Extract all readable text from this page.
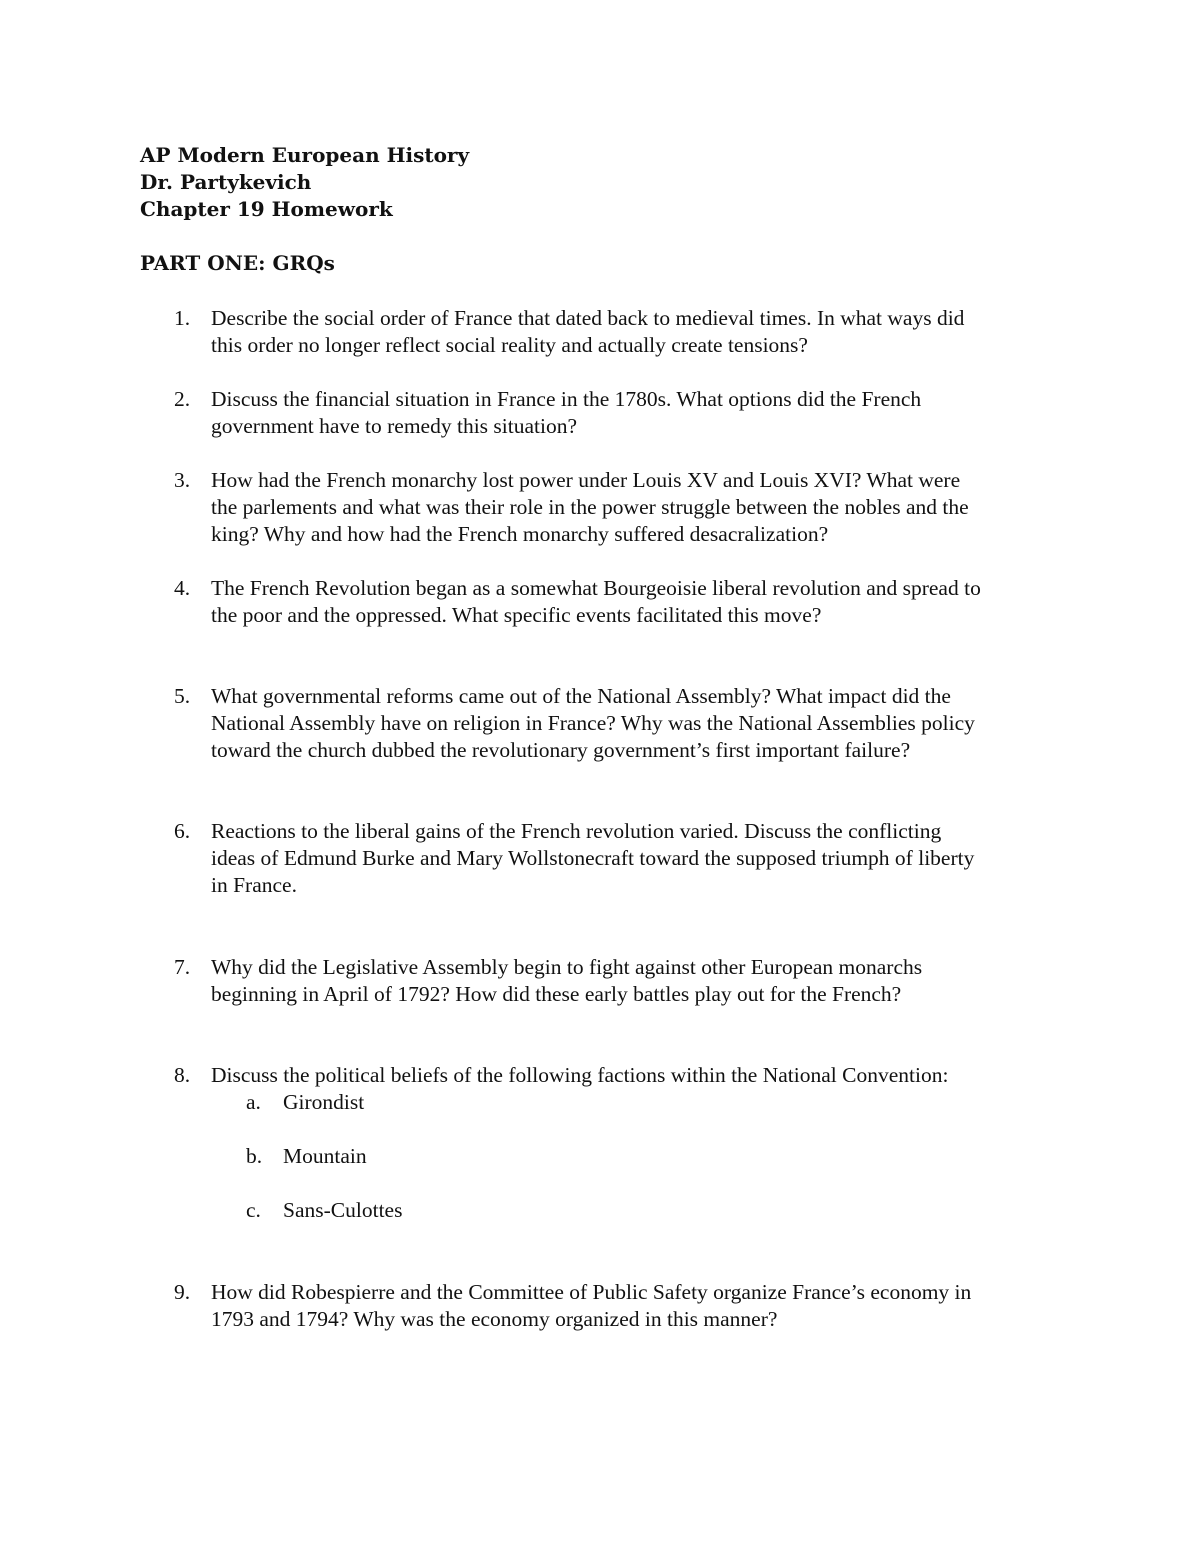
AP Modern European History
Dr. Partykevich
Chapter 19 Homework
PART ONE: GRQs
1. Describe the social order of France that dated back to medieval times. In what ways did
this order no longer reflect social reality and actually create tensions?
2. Discuss the financial situation in France in the 1780s. What options did the French
government have to remedy this situation?
3. How had the French monarchy lost power under Louis XV and Louis XVI? What were
the parlements and what was their role in the power struggle between the nobles and the
king? Why and how had the French monarchy suffered desacralization?
4. The French Revolution began as a somewhat Bourgeoisie liberal revolution and spread to
the poor and the oppressed. What specific events facilitated this move?
5. What governmental reforms came out of the National Assembly? What impact did the
National Assembly have on religion in France? Why was the National Assemblies policy
toward the church dubbed the revolutionary government’s first important failure?
6. Reactions to the liberal gains of the French revolution varied. Discuss the conflicting
ideas of Edmund Burke and Mary Wollstonecraft toward the supposed triumph of liberty
in France.
7. Why did the Legislative Assembly begin to fight against other European monarchs
beginning in April of 1792? How did these early battles play out for the French?
8. Discuss the political beliefs of the following factions within the National Convention:
a. Girondist
b. Mountain
c. Sans-Culottes
9. How did Robespierre and the Committee of Public Safety organize France’s economy in
1793 and 1794? Why was the economy organized in this manner?
